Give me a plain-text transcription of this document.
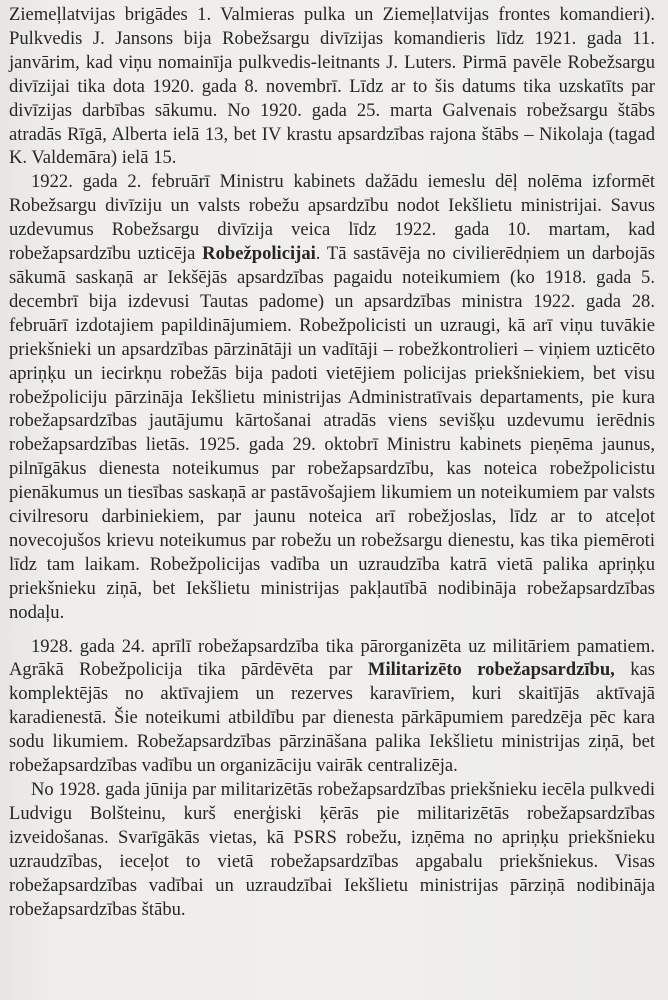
Ziemeļlatvijas brigādes 1. Valmieras pulka un Ziemeļlatvijas frontes komandieri). Pulkvedis J. Jansons bija Robežsargu divīzijas komandieris līdz 1921. gada 11. janvārim, kad viņu nomainīja pulkvedis-leitnants J. Luters. Pirmā pavēle Robežsargu divīzijai tika dota 1920. gada 8. novembrī. Līdz ar to šis datums tika uzskatīts par divīzijas darbības sākumu. No 1920. gada 25. marta Galvenais robežsargu štābs atradās Rīgā, Alberta ielā 13, bet IV krastu apsardzības rajona štābs – Nikolaja (tagad K. Valdemāra) ielā 15.

1922. gada 2. februārī Ministru kabinets dažādu iemeslu dēļ nolēma izformēt Robežsargu divīziju un valsts robežu apsardzību nodot Iekšlietu ministrijai. Savus uzdevumus Robežsargu divīzija veica līdz 1922. gada 10. martam, kad robežapsardzību uzticēja Robežpolicijai. Tā sastāvēja no civilierēdņiem un darbojās sākumā saskaņā ar Iekšējās apsardzības pagaidu noteikumiem (ko 1918. gada 5. decembrī bija izdevusi Tautas padome) un apsardzības ministra 1922. gada 28. februārī izdotajiem papildinājumiem. Robežpolicisti un uzraugi, kā arī viņu tuvākie priekšnieki un apsardzības pārzinātāji un vadītāji – robežkontrolieri – viņiem uzticēto apriņķu un iecirkņu robežās bija padoti vietējiem policijas priekšniekiem, bet visu robežpoliciju pārzināja Iekšlietu ministrijas Administratīvais departaments, pie kura robežapsardzības jautājumu kārtošanai atradās viens sevišķu uzdevumu ierēdnis robežapsardzības lietās. 1925. gada 29. oktobrī Ministru kabinets pieņēma jaunus, pilnīgākus dienesta noteikumus par robežapsardzību, kas noteica robežpolicistu pienākumus un tiesības saskaņā ar pastāvošajiem likumiem un noteikumiem par valsts civilresoru darbiniekiem, par jaunu noteica arī robežjoslas, līdz ar to atceļot novecojušos krievu noteikumus par robežu un robežsargu dienestu, kas tika piemēroti līdz tam laikam. Robežpolicijas vadība un uzraudzība katrā vietā palika apriņķu priekšnieku ziņā, bet Iekšlietu ministrijas pakļautībā nodibināja robežapsardzības nodaļu.

1928. gada 24. aprīlī robežapsardzība tika pārorganizēta uz militāriem pamatiem. Agrākā Robežpolicija tika pārdēvēta par Militarizēto robežapsardzību, kas komplektējās no aktīvajiem un rezerves karavīriem, kuri skaitījās aktīvajā karadienestā. Šie noteikumi atbildību par dienesta pārkāpumiem paredzēja pēc kara sodu likumiem. Robežapsardzības pārzināšana palika Iekšlietu ministrijas ziņā, bet robežapsardzības vadību un organizāciju vairāk centralizēja.

No 1928. gada jūnija par militarizētās robežapsardzības priekšnieku iecēla pulkvedi Ludvigu Bolšteinu, kurš enerģiski ķērās pie militarizētās robežapsardzības izveidošanas. Svarīgākās vietas, kā PSRS robežu, izņēma no apriņķu priekšnieku uzraudzības, ieceļot to vietā robežapsardzības apgabalu priekšniekus. Visas robežapsardzības vadībai un uzraudzībai Iekšlietu ministrijas pārziņā nodibināja robežapsardzības štābu.
